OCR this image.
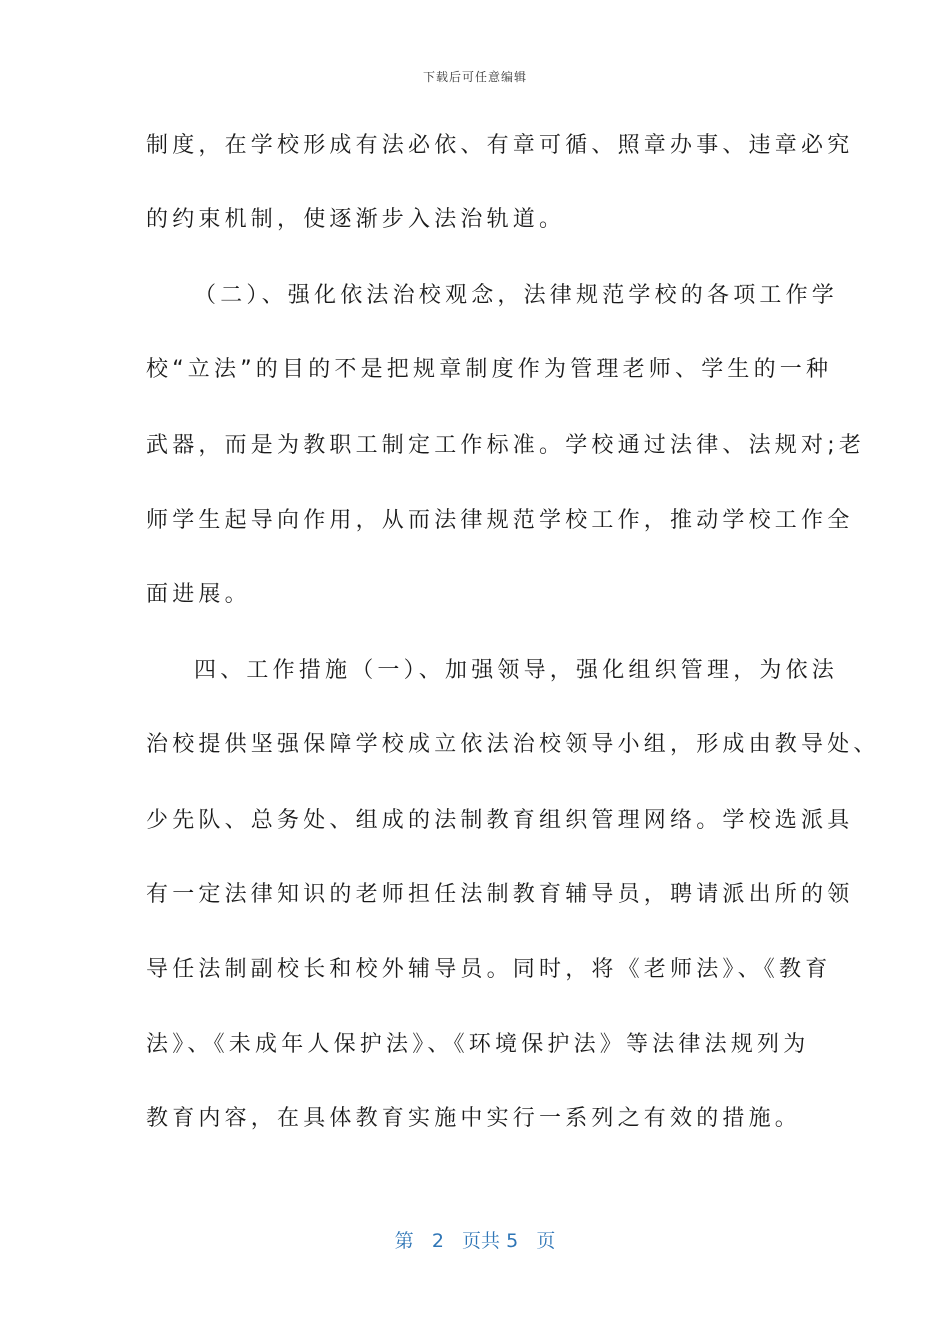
下载后可任意编辑
制度，在学校形成有法必依、有章可循、照章办事、违章必究
的约束机制，使逐渐步入法治轨道。
（二）、强化依法治校观念，法律规范学校的各项工作学
校“立法”的目的不是把规章制度作为管理老师、学生的一种
武器，而是为教职工制定工作标准。学校通过法律、法规对;老
师学生起导向作用，从而法律规范学校工作，推动学校工作全
面进展。
四、工作措施（一）、加强领导，强化组织管理，为依法
治校提供坚强保障学校成立依法治校领导小组，形成由教导处、
少先队、总务处、组成的法制教育组织管理网络。学校选派具
有一定法律知识的老师担任法制教育辅导员，聘请派出所的领
导任法制副校长和校外辅导员。同时，将《老师法》、《教育
法》、《未成年人保护法》、《环境保护法》等法律法规列为
教育内容，在具体教育实施中实行一系列之有效的措施。
第 2 页共 5 页
